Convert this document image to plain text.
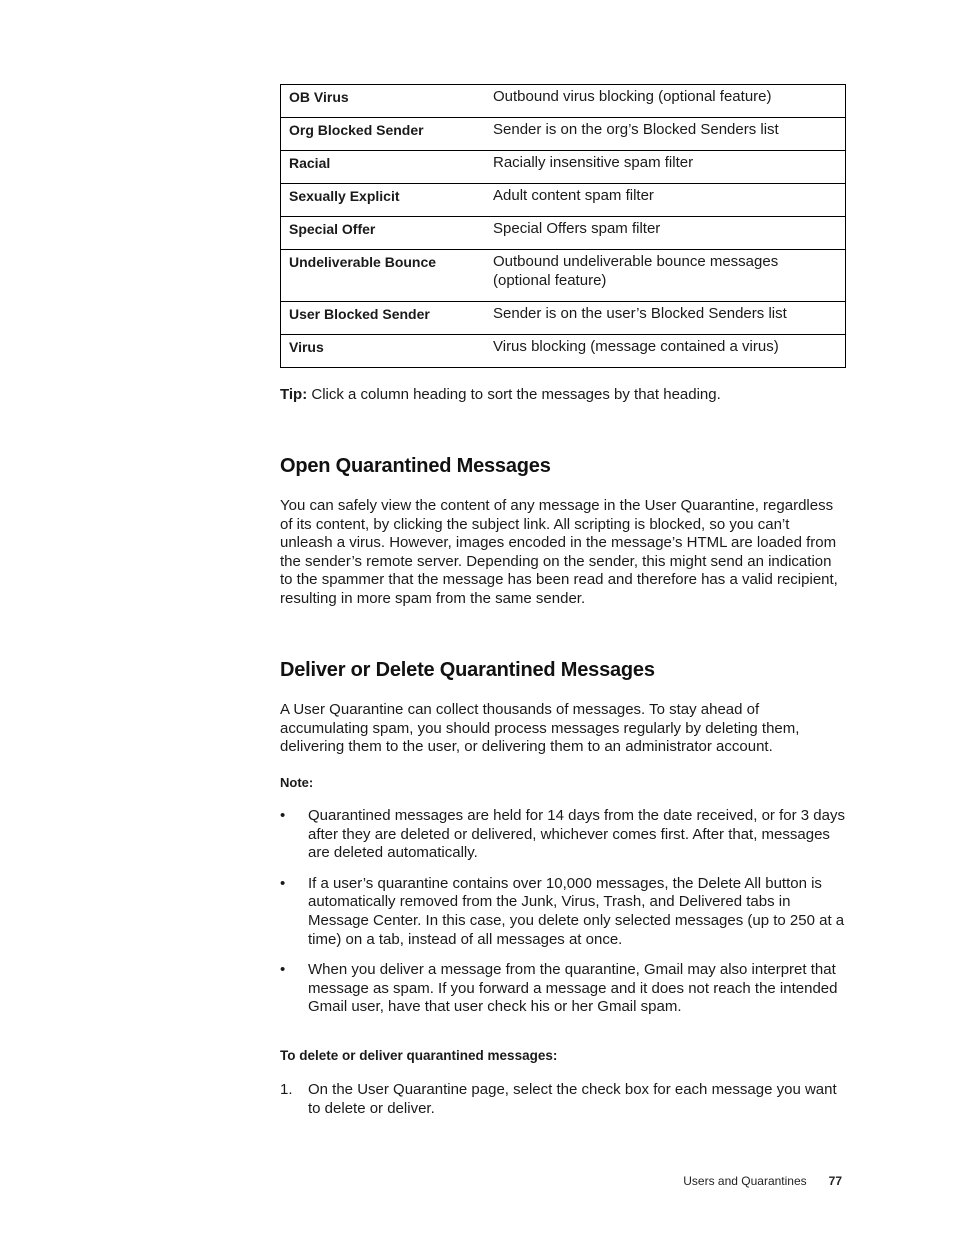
OB Virus	Outbound virus blocking (optional feature)
Org Blocked Sender	Sender is on the org’s Blocked Senders list
Racial	Racially insensitive spam filter
Sexually Explicit	Adult content spam filter
Special Offer	Special Offers spam filter
Undeliverable Bounce	Outbound undeliverable bounce messages (optional feature)
User Blocked Sender	Sender is on the user’s Blocked Senders list
Virus	Virus blocking (message contained a virus)

Tip: Click a column heading to sort the messages by that heading.

Open Quarantined Messages

You can safely view the content of any message in the User Quarantine, regardless of its content, by clicking the subject link. All scripting is blocked, so you can’t unleash a virus. However, images encoded in the message’s HTML are loaded from the sender’s remote server. Depending on the sender, this might send an indication to the spammer that the message has been read and therefore has a valid recipient, resulting in more spam from the same sender.

Deliver or Delete Quarantined Messages

A User Quarantine can collect thousands of messages. To stay ahead of accumulating spam, you should process messages regularly by deleting them, delivering them to the user, or delivering them to an administrator account.

Note:
• Quarantined messages are held for 14 days from the date received, or for 3 days after they are deleted or delivered, whichever comes first. After that, messages are deleted automatically.
• If a user’s quarantine contains over 10,000 messages, the Delete All button is automatically removed from the Junk, Virus, Trash, and Delivered tabs in Message Center. In this case, you delete only selected messages (up to 250 at a time) on a tab, instead of all messages at once.
• When you deliver a message from the quarantine, Gmail may also interpret that message as spam. If you forward a message and it does not reach the intended Gmail user, have that user check his or her Gmail spam.
To delete or deliver quarantined messages:
1. On the User Quarantine page, select the check box for each message you want to delete or deliver.
Users and Quarantines 77
